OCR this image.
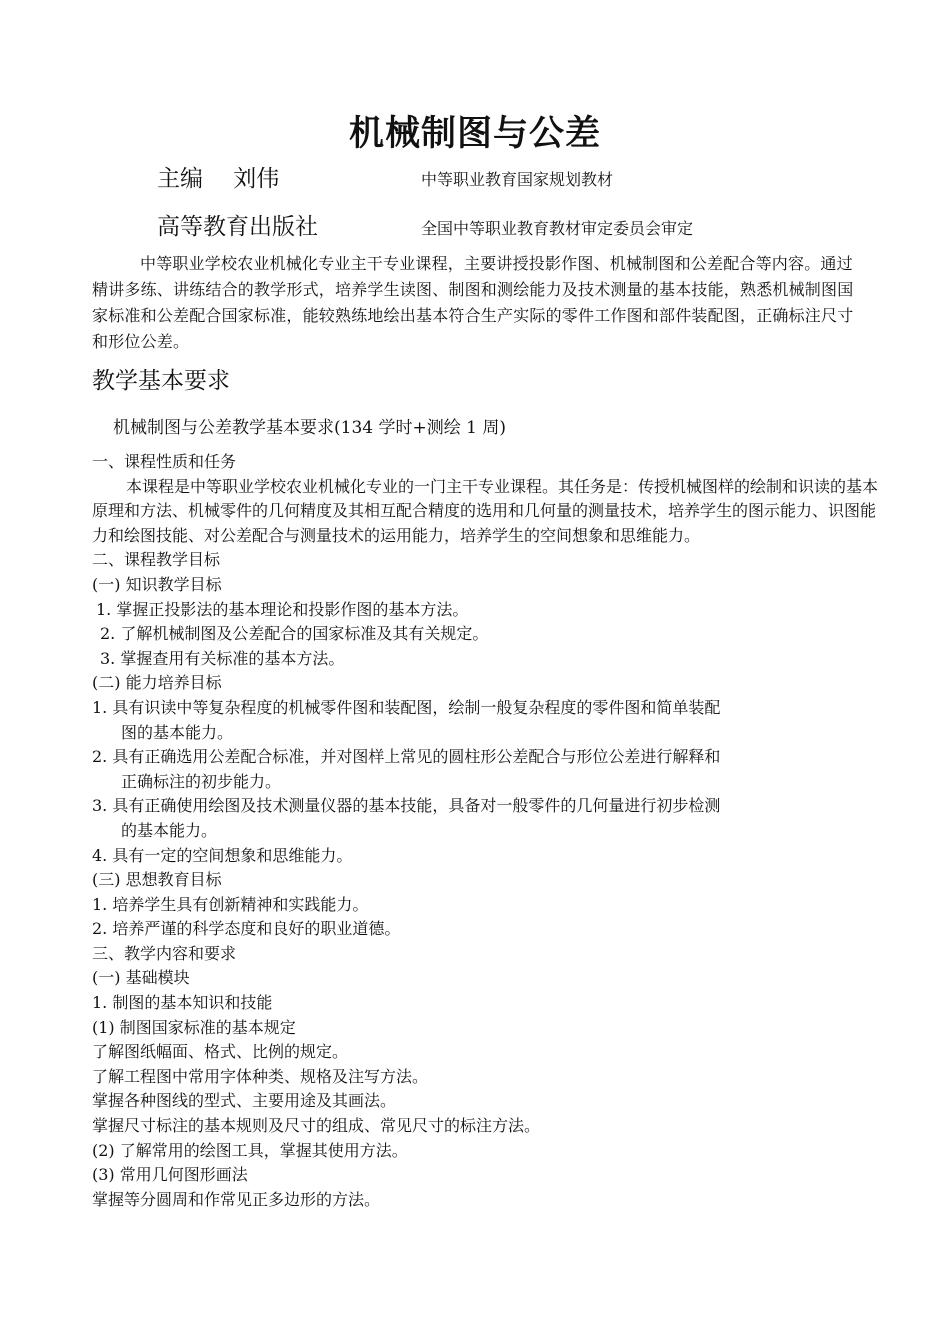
机械制图与公差
主编　 刘伟	中等职业教育国家规划教材
高等教育出版社	全国中等职业教育教材审定委员会审定
中等职业学校农业机械化专业主干专业课程，主要讲授投影作图、机械制图和公差配合等内容。通过精讲多练、讲练结合的教学形式，培养学生读图、制图和测绘能力及技术测量的基本技能，熟悉机械制图国家标准和公差配合国家标准，能较熟练地绘出基本符合生产实际的零件工作图和部件装配图，正确标注尺寸和形位公差。
教学基本要求
机械制图与公差教学基本要求(134 学时+测绘 1 周)
一、课程性质和任务
本课程是中等职业学校农业机械化专业的一门主干专业课程。其任务是：传授机械图样的绘制和识读的基本原理和方法、机械零件的几何精度及其相互配合精度的选用和几何量的测量技术，培养学生的图示能力、识图能力和绘图技能、对公差配合与测量技术的运用能力，培养学生的空间想象和思维能力。
二、课程教学目标
(一) 知识教学目标
1. 掌握正投影法的基本理论和投影作图的基本方法。
2. 了解机械制图及公差配合的国家标准及其有关规定。
3. 掌握查用有关标准的基本方法。
(二) 能力培养目标
1. 具有识读中等复杂程度的机械零件图和装配图，绘制一般复杂程度的零件图和简单装配
图的基本能力。
2. 具有正确选用公差配合标准，并对图样上常见的圆柱形公差配合与形位公差进行解释和
正确标注的初步能力。
3. 具有正确使用绘图及技术测量仪器的基本技能，具备对一般零件的几何量进行初步检测
的基本能力。
4. 具有一定的空间想象和思维能力。
(三) 思想教育目标
1. 培养学生具有创新精神和实践能力。
2. 培养严谨的科学态度和良好的职业道德。
三、教学内容和要求
(一) 基础模块
1. 制图的基本知识和技能
(1) 制图国家标准的基本规定
了解图纸幅面、格式、比例的规定。
了解工程图中常用字体种类、规格及注写方法。
掌握各种图线的型式、主要用途及其画法。
掌握尺寸标注的基本规则及尺寸的组成、常见尺寸的标注方法。
(2) 了解常用的绘图工具，掌握其使用方法。
(3) 常用几何图形画法
掌握等分圆周和作常见正多边形的方法。
